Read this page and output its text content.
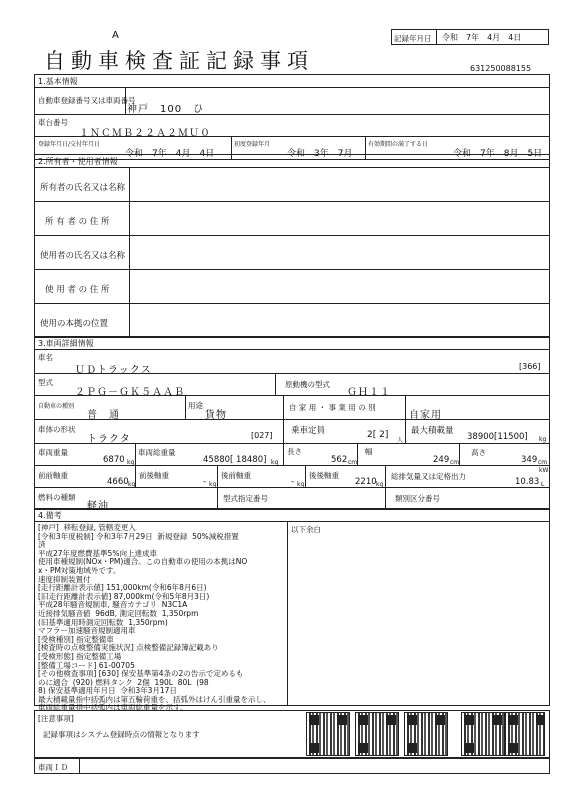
A	記録年月日 令和　7年　4月　4日
自動車検査証記録事項	631250088155
1.基本情報
自動車登録番号又は車両番号
神戸　100　ひ
車台番号
１ＮＣＭＢ２２Ａ２ＭＵ０
登録年月日/交付年月日
令和　7年　4月　4日
初度登録年月
令和　3年　7月
有効期間の満了する日
令和　7年　8月　5日
2.所有者・使用者情報
所有者の氏名又は名称
所 有 者 の 住 所
使用者の氏名又は名称
使 用 者 の 住 所
使用の本拠の位置
3.車両詳細情報
車名
ＵＤトラックス	[366]
型式
２ＰＧ－ＧＫ５ＡＡＢ
原動機の型式
ＧＨ１１
自動車の種別
普　通
用途
貨物
自 家 用 ・ 事 業 用 の 別
自家用
車体の形状
トラクタ	[027] 乗車定員	2[ 2]
人
最大積載量
38900[11500] kg
車両重量
6870 kg
車両総重量
45880[ 18480] kg
長さ
562 cm
幅
249 cm
高さ
349 cm
前前軸重
4660 kg
前後軸重
- kg
後前軸重
- kg
後後軸重
2210 kg
総排気量又は定格出力
10.83
kW
L
燃料の種類
軽油
型式指定番号	類別区分番号
4.備考
以下余白
[神戸]  移転登録, 管轄変更入
[令和3年度税制] 令和3年7月29日  新規登録  50%減税措置
済
平成27年度燃費基準5%向上達成車
使用車種規制(NOx・PM)適合。この自動車の使用の本拠はNO
x・PM対策地域外です。
速度抑制装置付
[走行距離計表示値] 151,000km(令和6年8月6日)
[旧走行距離計表示値] 87,000km(令和5年8月3日)
平成28年騒音規制車, 騒音カテゴリ  N3C1A
近接排気騒音値  96dB, 測定回転数  1,350rpm
(旧基準適用時測定回転数  1,350rpm)
マフラー加速騒音規制適用車
[受検種別] 指定整備車
[検査時の点検整備実施状況] 点検整備記録簿記載あり
[受検形態] 指定整備工場
[整備工場コード] 61-00705
[その他検査事項] [630] 保安基準第4条の2の告示で定めるも
のに適合  (920) 燃料タンク  2個  190L  80L  (98
8) 保安基準適用年月日  令和3年3月17日
最大積載量指中括弧内は第五輪荷重を、括弧外はけん引重量を示し、
車両総重量指中括弧内は車両総重量を示す。
[注意事項]
記録事項はシステム登録時点の情報となります
車両ＩＤ
